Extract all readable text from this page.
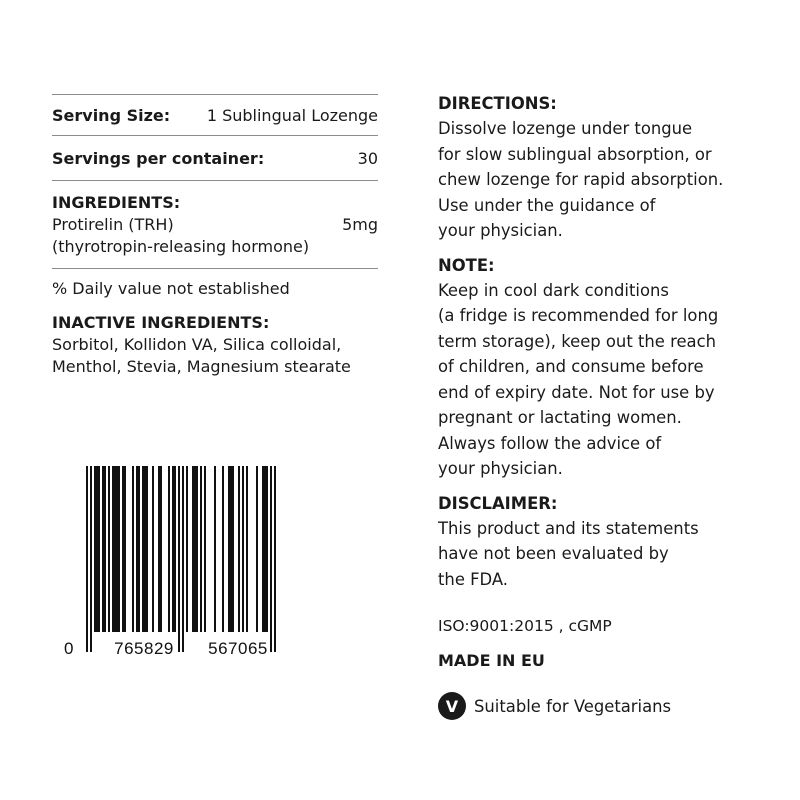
Serving Size: 1 Sublingual Lozenge
Servings per container:	30
INGREDIENTS:
Protirelin (TRH)	5mg
(thyrotropin-releasing hormone)
% Daily value not established
INACTIVE INGREDIENTS:
Sorbitol, Kollidon VA, Silica colloidal,
Menthol, Stevia, Magnesium stearate
0 765829 567065
DIRECTIONS:
Dissolve lozenge under tongue
for slow sublingual absorption, or
chew lozenge for rapid absorption.
Use under the guidance of
your physician.
NOTE:
Keep in cool dark conditions
(a fridge is recommended for long
term storage), keep out the reach
of children, and consume before
end of expiry date. Not for use by
pregnant or lactating women.
Always follow the advice of
your physician.
DISCLAIMER:
This product and its statements
have not been evaluated by
the FDA.
ISO:9001:2015 , cGMP
MADE IN EU
V Suitable for Vegetarians
